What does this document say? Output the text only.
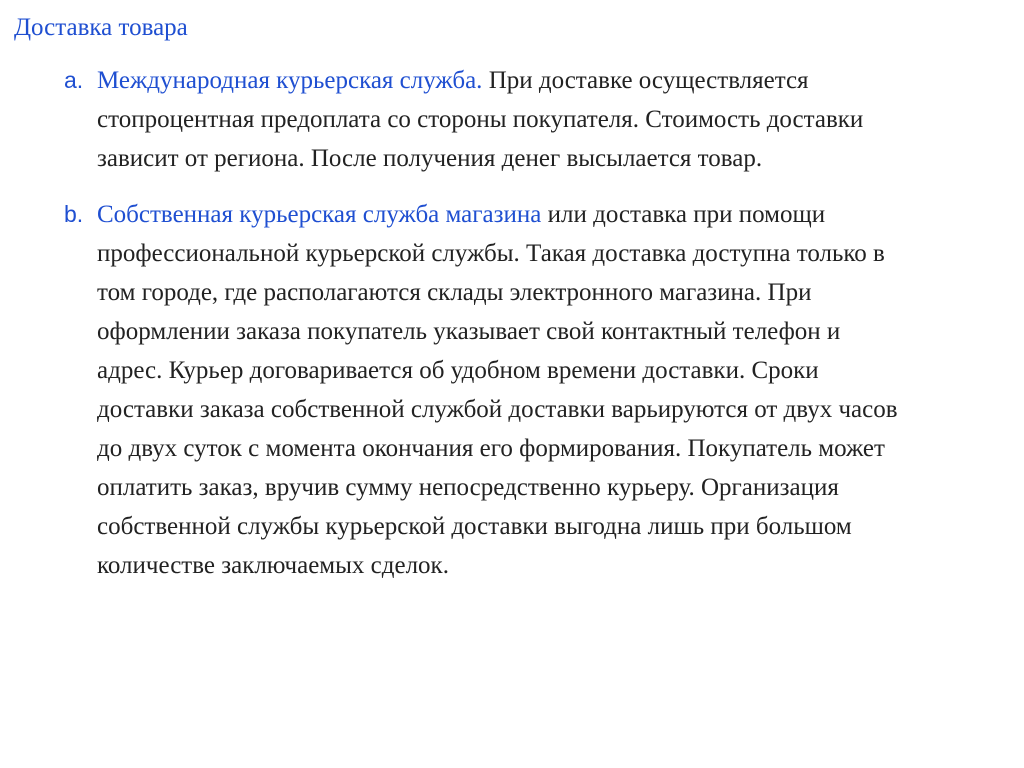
Доставка товара
a. Международная курьерская служба. При доставке осуществляется
стопроцентная предоплата со стороны покупателя. Стоимость доставки
зависит от региона. После получения денег высылается товар.
b. Собственная курьерская служба магазина или доставка при помощи
профессиональной курьерской службы. Такая доставка доступна только в
том городе, где располагаются склады электронного магазина. При
оформлении заказа покупатель указывает свой контактный телефон и
адрес. Курьер договаривается об удобном времени доставки. Сроки
доставки заказа собственной службой доставки варьируются от двух часов
до двух суток с момента окончания его формирования. Покупатель может
оплатить заказ, вручив сумму непосредственно курьеру. Организация
собственной службы курьерской доставки выгодна лишь при большом
количестве заключаемых сделок.
